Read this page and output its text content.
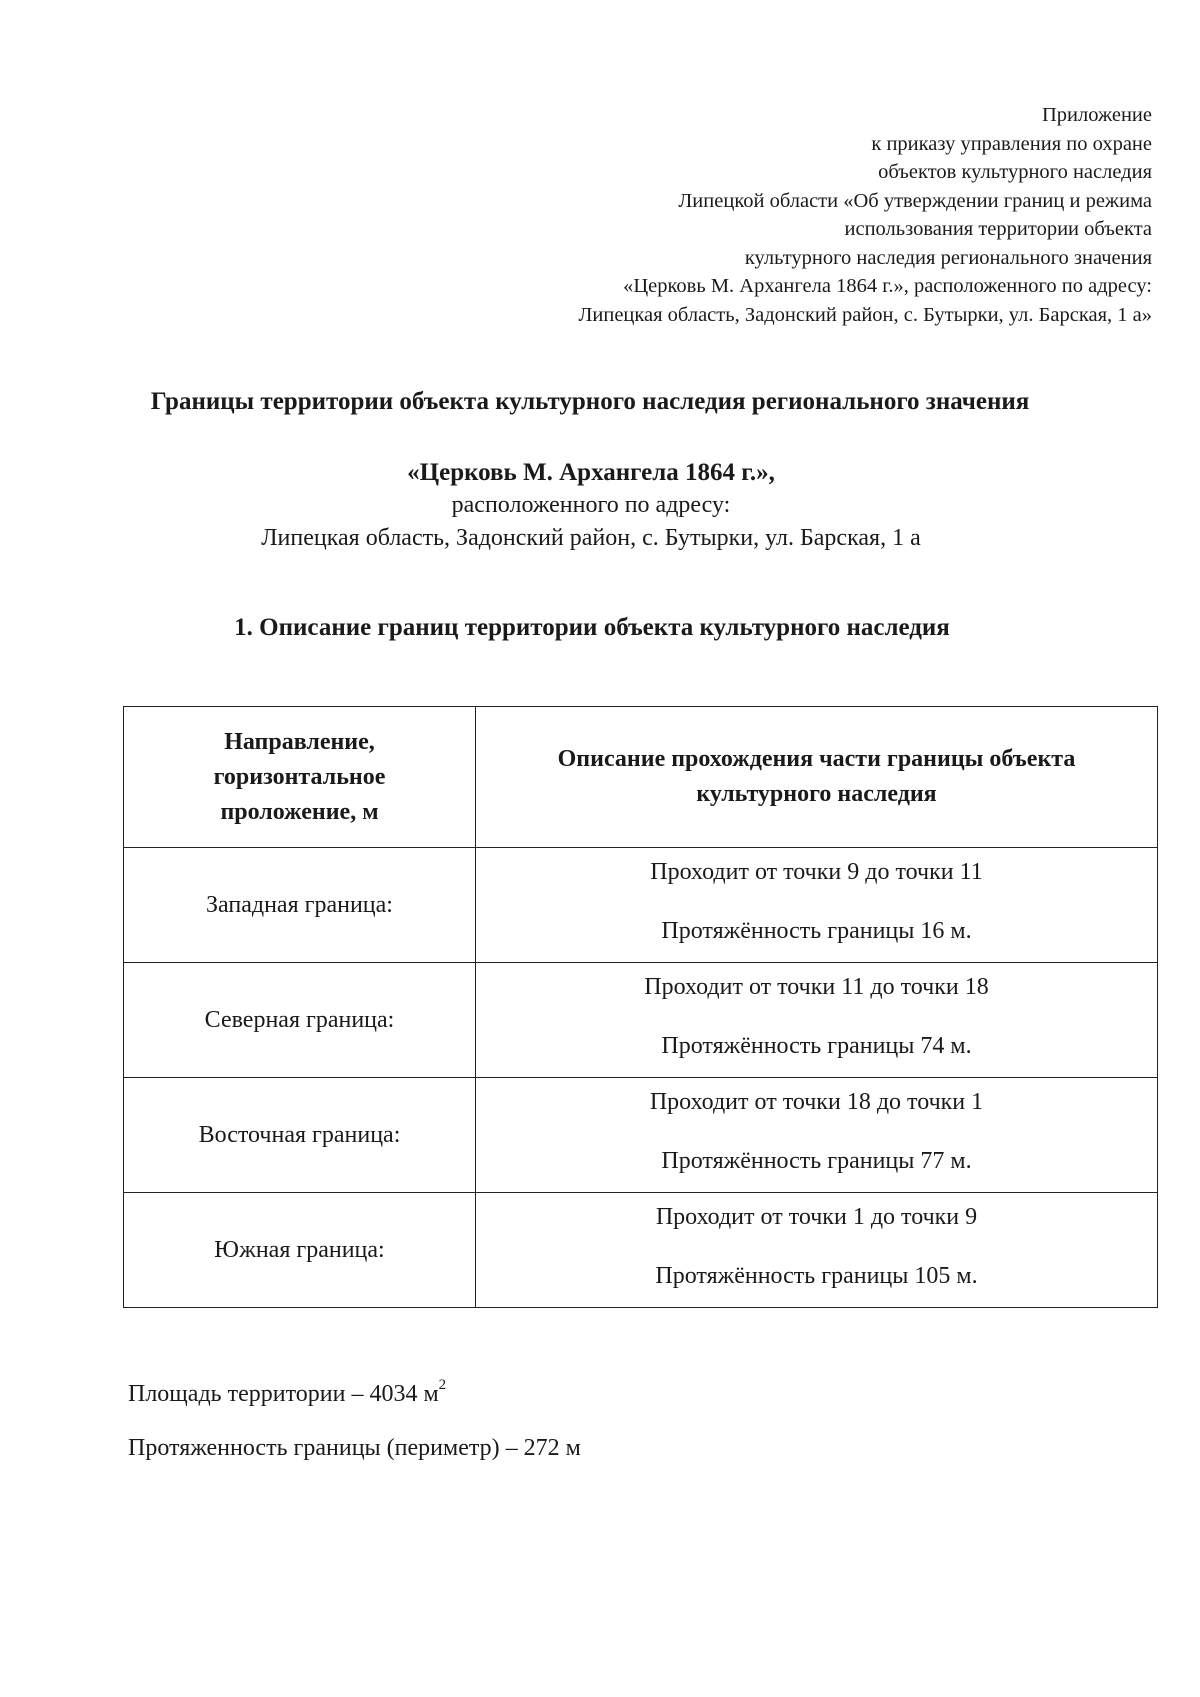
Приложение
к приказу управления по охране
объектов культурного наследия
Липецкой области «Об утверждении границ и режима
использования территории объекта
культурного наследия регионального значения
«Церковь М. Архангела 1864 г.», расположенного по адресу:
Липецкая область, Задонский район, с. Бутырки, ул. Барская, 1 а»
Границы территории объекта культурного наследия регионального значения
«Церковь М. Архангела 1864 г.»,
расположенного по адресу:
Липецкая область, Задонский район, с. Бутырки, ул. Барская, 1 а
1. Описание границ территории объекта культурного наследия
Направление, горизонтальное проложение, м	Описание прохождения части границы объекта культурного наследия
Западная граница:	Проходит от точки 9 до точки 11
Протяжённость границы 16 м.

Северная граница:	Проходит от точки 11 до точки 18
Протяжённость границы 74 м.

Восточная граница:	Проходит от точки 18 до точки 1
Протяжённость границы 77 м.

Южная граница:	Проходит от точки 1 до точки 9
Протяжённость границы 105 м.
Площадь территории – 4034 $м^2$
Протяженность границы (периметр) – 272 м
